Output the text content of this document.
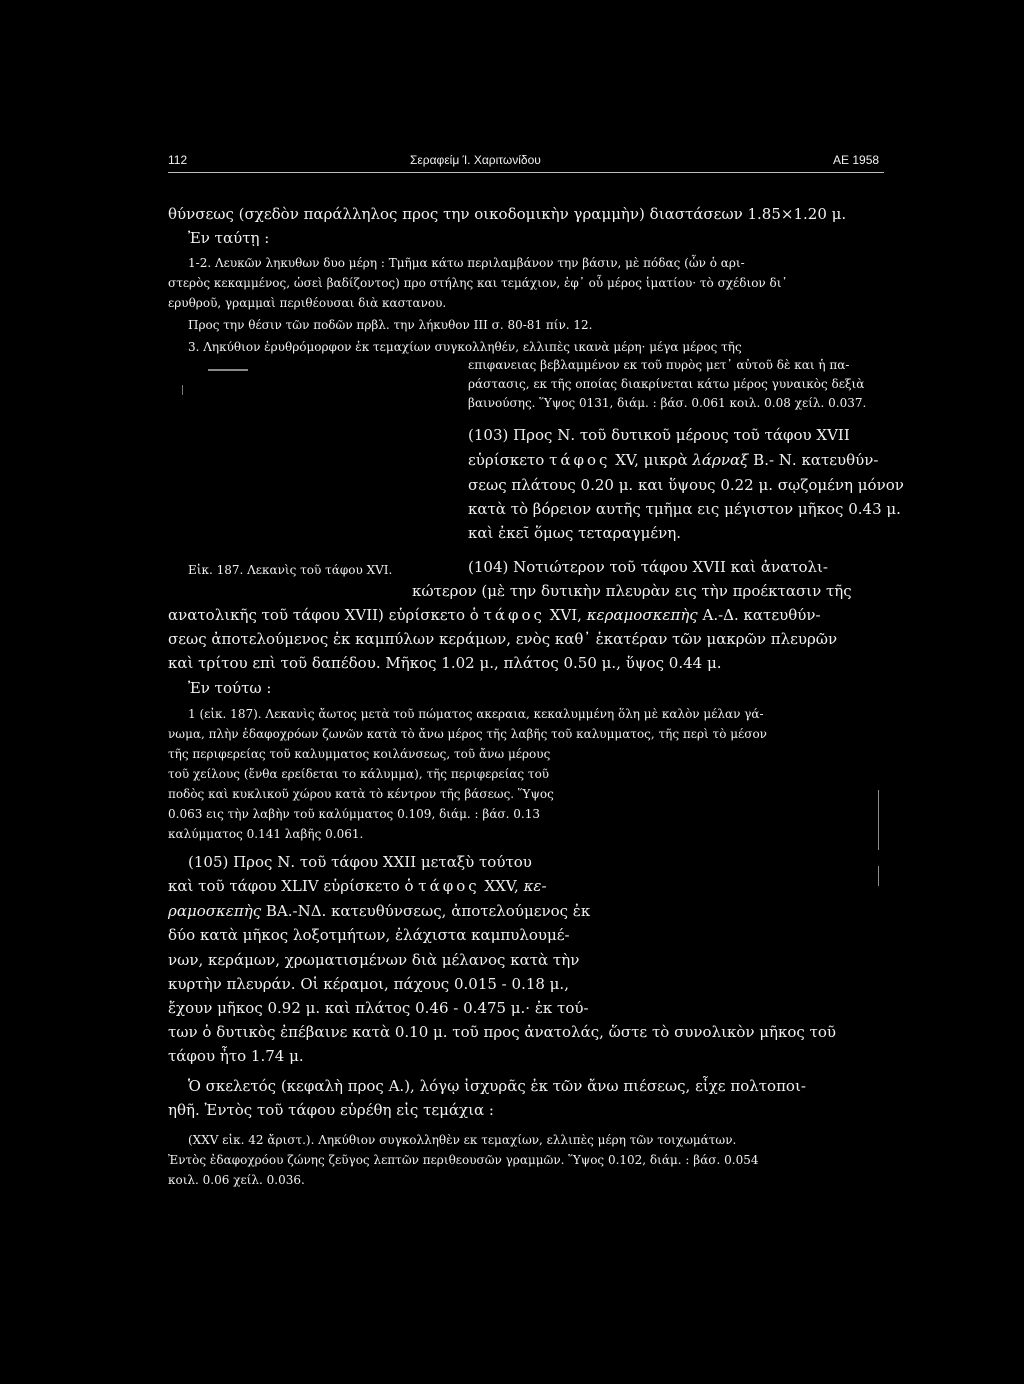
112	Σεραφείμ Ί. Χαριτωνίδου	ΑΕ 1958
θύνσεως (σχεδὸν παράλληλος προς την οικοδομικὴν γραμμὴν) διαστάσεων 1.85×1.20 μ.
Ἐν ταύτῃ :
1-2. Λευκῶν ληκυθων δυο μέρη : Τμῆμα κάτω περιλαμβάνον την βάσιν, μὲ πόδας (ὧν ὁ αρι-
στερὸς κεκαμμένος, ὡσεὶ βαδίζοντος) προ στήλης και τεμάχιον, ἐφ᾿ οὗ μέρος ἱματίου· τὸ σχέδιον δι᾿
ερυθροῦ, γραμμαὶ περιθέουσαι διὰ καστανου.
Προς την θέσιν τῶν ποδῶν πρβλ. την λήκυθον ΙΙΙ σ. 80-81 πίν. 12.
3. Ληκύθιον ἐρυθρόμορφον ἐκ τεμαχίων συγκολληθέν, ελλιπὲς ικανὰ μέρη· μέγα μέρος τῆς
επιφανειας βεβλαμμένον εκ τοῦ πυρὸς μετ᾿ αὐτοῦ δὲ και ἡ πα-
ράστασις, εκ τῆς οποίας διακρίνεται κάτω μέρος γυναικὸς δεξιὰ
βαινούσης. Ὕψος 0131, διάμ. : βάσ. 0.061 κοιλ. 0.08 χείλ. 0.037.
(103) Προς Ν. τοῦ δυτικοῦ μέρους τοῦ τάφου XVII
εὑρίσκετο τάφος XV, μικρὰ λάρναξ Β.- Ν. κατευθύν-
σεως πλάτους 0.20 μ. και ὕψους 0.22 μ. σῳζομένη μόνον
κατὰ τὸ βόρειον αυτῆς τμῆμα εις μέγιστον μῆκος 0.43 μ.
καὶ ἐκεῖ ὅμως τεταραγμένη.
Εἰκ. 187. Λεκανὶς τοῦ τάφου XVI.	(104) Νοτιώτερον τοῦ τάφου XVII καὶ ἀνατολι-
κώτερον (μὲ την δυτικὴν πλευρὰν εις τὴν προέκτασιν τῆς
ανατολικῆς τοῦ τάφου XVII) εὑρίσκετο ὁ τάφος XVI, κεραμοσκεπὴς Α.-Δ. κατευθύν-
σεως ἀποτελούμενος ἐκ καμπύλων κεράμων, ενὸς καθ᾿ ἑκατέραν τῶν μακρῶν πλευρῶν
καὶ τρίτου επὶ τοῦ δαπέδου. Μῆκος 1.02 μ., πλάτος 0.50 μ., ὕψος 0.44 μ.
Ἐν τούτω :
1 (εἰκ. 187). Λεκανὶς ἄωτος μετὰ τοῦ πώματος ακεραια, κεκαλυμμένη ὅλη μὲ καλὸν μέλαν γά-
νωμα, πλὴν ἐδαφοχρόων ζωνῶν κατὰ τὸ ἄνω μέρος τῆς λαβῆς τοῦ καλυμματος, τῆς περὶ τὸ μέσον
τῆς περιφερείας τοῦ καλυμματος κοιλάνσεως, τοῦ ἄνω μέρους
τοῦ χείλους (ἔνθα ερείδεται το κάλυμμα), τῆς περιφερείας τοῦ
ποδὸς καὶ κυκλικοῦ χώρου κατὰ τὸ κέντρον τῆς βάσεως. Ὕψος
0.063 εις τὴν λαβὴν τοῦ καλύμματος 0.109, διάμ. : βάσ. 0.13
καλύμματος 0.141 λαβῆς 0.061.
(105) Προς Ν. τοῦ τάφου XXII μεταξὺ τούτου
καὶ τοῦ τάφου XLIV εὑρίσκετο ὁ τάφος XXV, κε-
ραμοσκεπὴς ΒΑ.-ΝΔ. κατευθύνσεως, ἀποτελούμενος ἐκ
δύο κατὰ μῆκος λοξοτμήτων, ἐλάχιστα καμπυλουμέ-
νων, κεράμων, χρωματισμένων διὰ μέλανος κατὰ τὴν
κυρτὴν πλευράν. Οἱ κέραμοι, πάχους 0.015 - 0.18 μ.,
ἔχουν μῆκος 0.92 μ. καὶ πλάτος 0.46 - 0.475 μ.· ἐκ τού-
των ὁ δυτικὸς ἐπέβαινε κατὰ 0.10 μ. τοῦ προς ἀνατολάς, ὥστε τὸ συνολικὸν μῆκος τοῦ
τάφου ἦτο 1.74 μ.
Ὁ σκελετός (κεφαλὴ προς Α.), λόγῳ ἰσχυρᾶς ἐκ τῶν ἄνω πιέσεως, εἶχε πολτοποι-
ηθῆ. Ἐντὸς τοῦ τάφου εὑρέθη εἰς τεμάχια :
(XXV εἰκ. 42 ἄριστ.). Ληκύθιον συγκολληθὲν εκ τεμαχίων, ελλιπὲς μέρη τῶν τοιχωμάτων.
Ἐντὸς ἐδαφοχρόου ζώνης ζεῦγος λεπτῶν περιθεουσῶν γραμμῶν. Ὕψος 0.102, διάμ. : βάσ. 0.054
κοιλ. 0.06 χείλ. 0.036.
